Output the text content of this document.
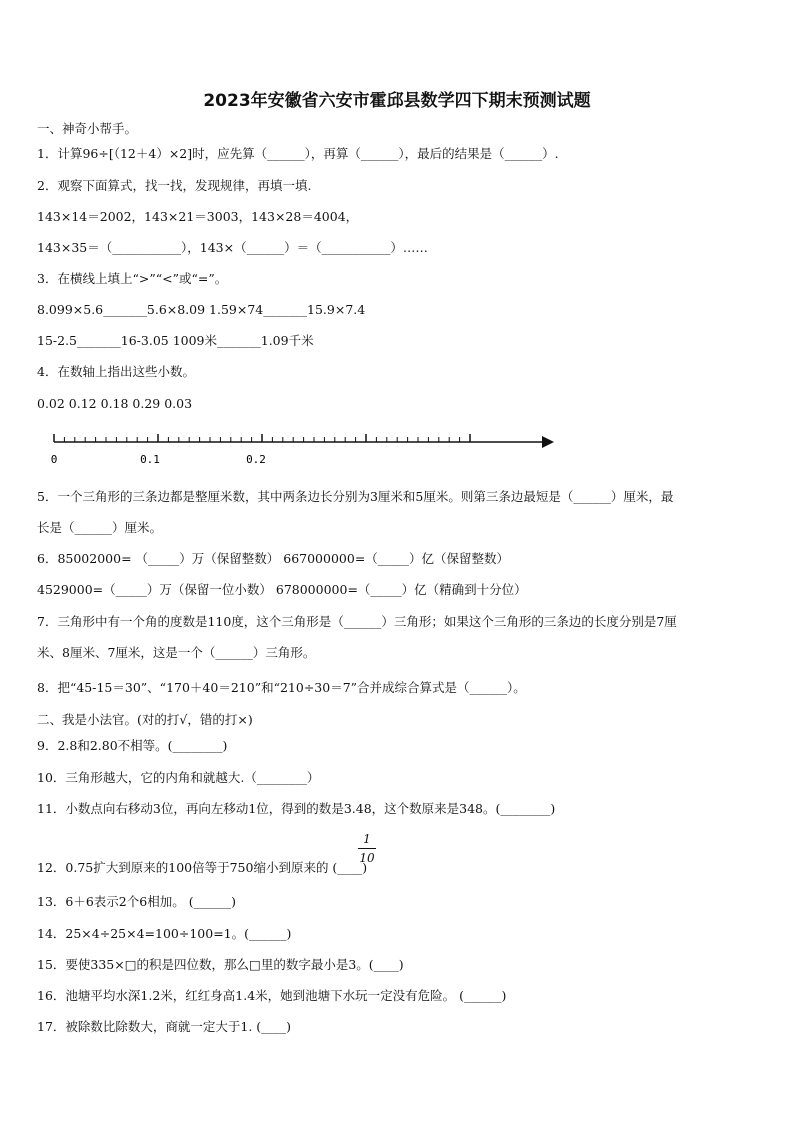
2023年安徽省六安市霍邱县数学四下期末预测试题
一、神奇小帮手。
1．计算96÷[（12＋4）×2]时，应先算（______），再算（______），最后的结果是（______）.
2．观察下面算式，找一找，发现规律，再填一填.
143×14＝2002，143×21＝3003，143×28＝4004，
143×35＝（___________），143×（______）＝（___________）……
3．在横线上填上“>”“<”或“=”。
8.099×5.6_______5.6×8.09 1.59×74_______15.9×7.4
15-2.5_______16-3.05 1009米_______1.09千米
4．在数轴上指出这些小数。
0.02 0.12 0.18 0.29 0.03
0	0.1	0.2
5．一个三角形的三条边都是整厘米数，其中两条边长分别为3厘米和5厘米。则第三条边最短是（______）厘米，最
长是（______）厘米。
6．85002000= （_____）万（保留整数） 667000000=（_____）亿（保留整数）
4529000=（_____）万（保留一位小数） 678000000=（_____）亿（精确到十分位）
7．三角形中有一个角的度数是110度，这个三角形是（______）三角形；如果这个三角形的三条边的长度分别是7厘
米、8厘米、7厘米，这是一个（______）三角形。
8．把“45-15＝30”、“170＋40＝210”和“210÷30＝7”合并成综合算式是（______）。
二、我是小法官。(对的打√，错的打×)
9．2.8和2.80不相等。(________)
10．三角形越大，它的内角和就越大.（________）
11．小数点向右移动3位，再向左移动1位，得到的数是3.48，这个数原来是348。(________)
1
10
12．0.75扩大到原来的100倍等于750缩小到原来的 (____)
13．6＋6表示2个6相加。 (______)
14．25×4÷25×4=100÷100=1。(______)
15．要使335×□的积是四位数，那么□里的数字最小是3。(____)
16．池塘平均水深1.2米，红红身高1.4米，她到池塘下水玩一定没有危险。 (______)
17．被除数比除数大，商就一定大于1. (____)
